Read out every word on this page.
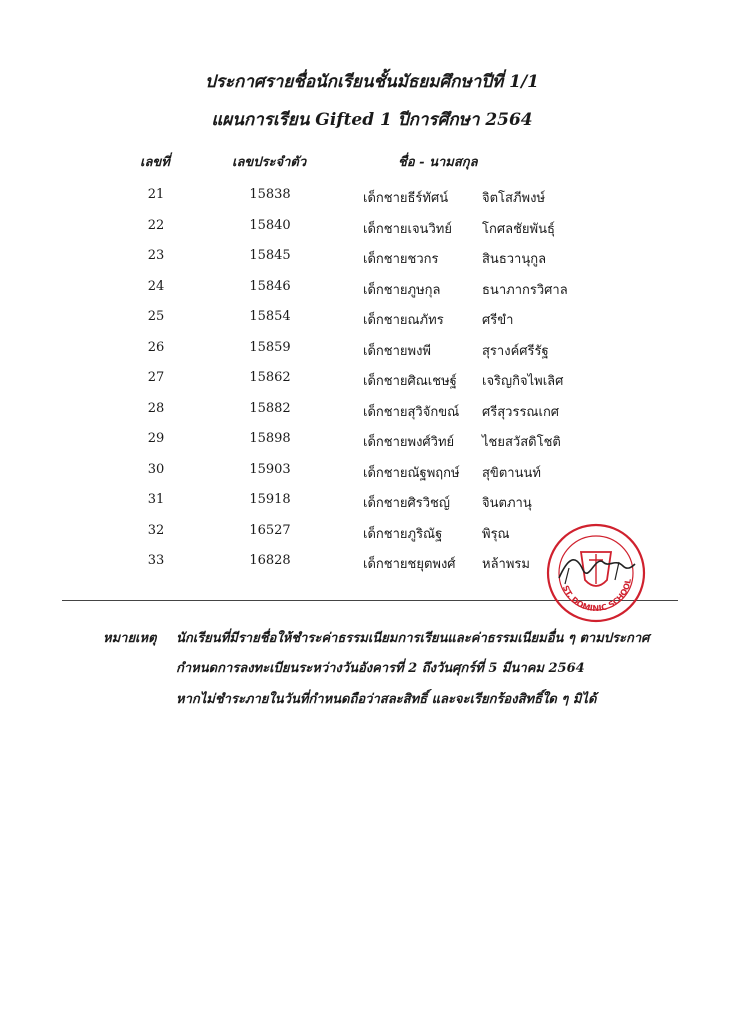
ประกาศรายชื่อนักเรียนชั้นมัธยมศึกษาปีที่ 1/1
แผนการเรียน Gifted 1 ปีการศึกษา 2564
เลขที่	เลขประจำตัว	ชื่อ - นามสกุล
21	15838	เด็กชายธีร์ทัศน์	จิตโสภีพงษ์
22	15840	เด็กชายเจนวิทย์ โกศลชัยพันธุ์
23	15845	เด็กชายชวกร	สินธวานุกูล
24	15846	เด็กชายภูษกุล	ธนาภากรวิศาล
25	15854	เด็กชายณภัทร	ศรีขำ
26	15859	เด็กชายพงพี	สุรางค์ศรีรัฐ
27	15862	เด็กชายศิณเชษฐ์ เจริญกิจไพเลิศ
28	15882	เด็กชายสุวิจักขณ์ ศรีสุวรรณเกศ
29	15898	เด็กชายพงศ์วิทย์ ไชยสวัสดิโชติ
30	15903	เด็กชายณัฐพฤกษ์ สุขิตานนท์
31	15918	เด็กชายศิรวิชญ์ จินตภานุ
32	16527	เด็กชายภูริณัฐ	พิรุณ
33	16828	เด็กชายชยุตพงศ์ หล้าพรม
หมายเหตุ นักเรียนที่มีรายชื่อให้ชำระค่าธรรมเนียมการเรียนและค่าธรรมเนียมอื่น ๆ ตามประกาศ
กำหนดการลงทะเบียนระหว่างวันอังคารที่ 2 ถึงวันศุกร์ที่ 5 มีนาคม 2564
หากไม่ชำระภายในวันที่กำหนดถือว่าสละสิทธิ์ และจะเรียกร้องสิทธิ์ใด ๆ มิได้
ST. DOMINIC SCHOOL
